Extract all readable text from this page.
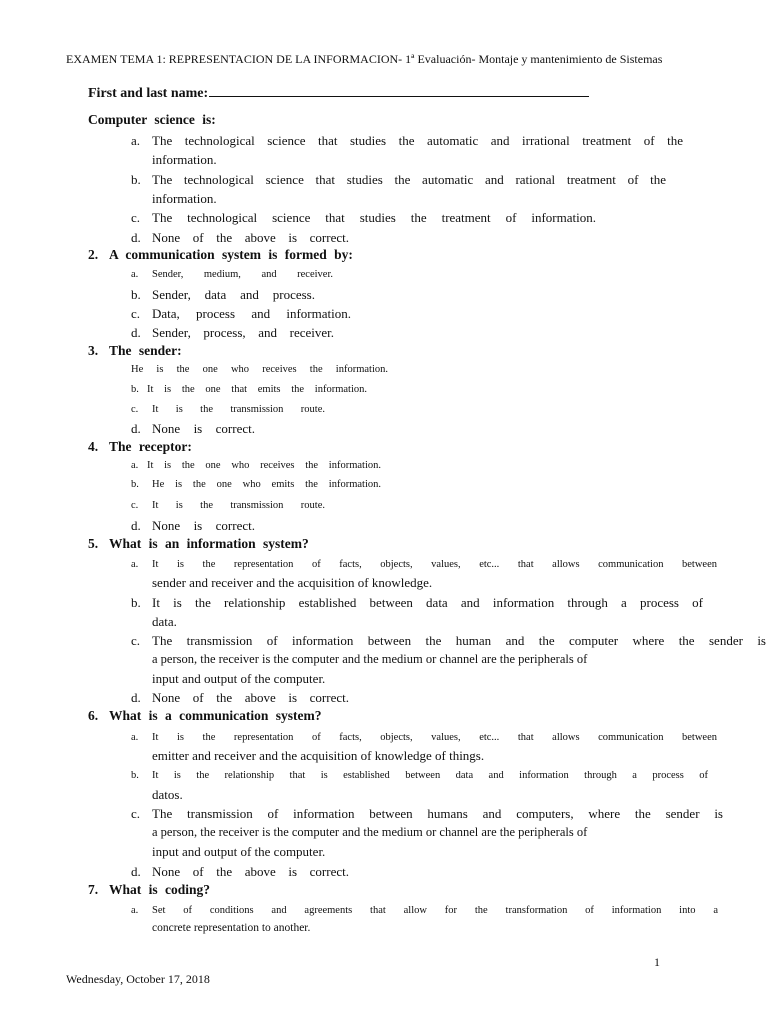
EXAMEN TEMA 1: REPRESENTACION DE LA INFORMACION- 1ª Evaluación- Montaje y mantenimiento de Sistemas
First and last name:
Computer science is:
a. The technological science that studies the automatic and irrational treatment of the
information.
b. The technological science that studies the automatic and rational treatment of the
information.
c. The technological science that studies the treatment of information.
d. None of the above is correct.
2. A communication system is formed by:
a. Sender, medium, and receiver.
b. Sender, data and process.
c. Data, process and information.
d. Sender, process, and receiver.
3. The sender:
He is the one who receives the information.
b. It is the one that emits the information.
c. It is the transmission route.
d. None is correct.
4. The receptor:
a. It is the one who receives the information.
b. He is the one who emits the information.
c. It is the transmission route.
d. None is correct.
5. What is an information system?
a. It is the representation of facts, objects, values, etc... that allows communication between
sender and receiver and the acquisition of knowledge.
b. It is the relationship established between data and information through a process of
data.
c. The transmission of information between the human and the computer where the sender is
a person, the receiver is the computer and the medium or channel are the peripherals of
input and output of the computer.
d. None of the above is correct.
6. What is a communication system?
a. It is the representation of facts, objects, values, etc... that allows communication between
emitter and receiver and the acquisition of knowledge of things.
b. It is the relationship that is established between data and information through a process of
datos.
c. The transmission of information between humans and computers, where the sender is
a person, the receiver is the computer and the medium or channel are the peripherals of
input and output of the computer.
d. None of the above is correct.
7. What is coding?
a. Set of conditions and agreements that allow for the transformation of information into a
concrete representation to another.
1
Wednesday, October 17, 2018
